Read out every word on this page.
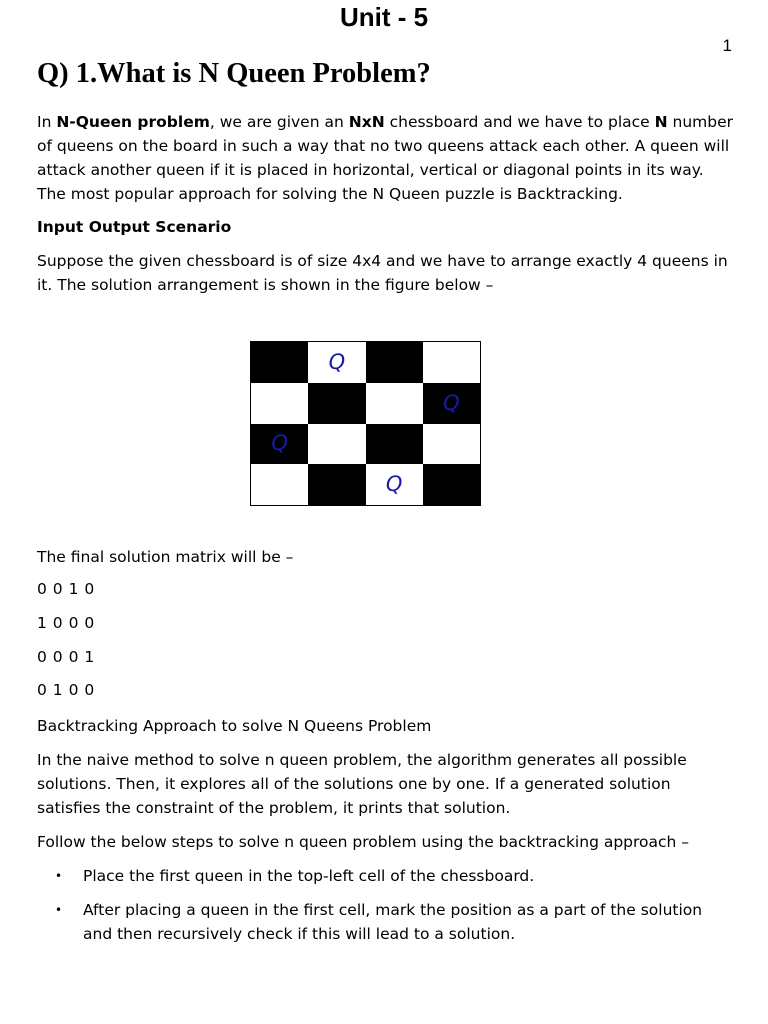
Unit - 5
1
Q) 1.What is N Queen Problem?

In N-Queen problem, we are given an NxN chessboard and we have to place N number of queens on the board in such a way that no two queens attack each other. A queen will attack another queen if it is placed in horizontal, vertical or diagonal points in its way. The most popular approach for solving the N Queen puzzle is Backtracking.

Input Output Scenario

Suppose the given chessboard is of size 4x4 and we have to arrange exactly 4 queens in it. The solution arrangement is shown in the figure below –

Q
Q
Q
Q

The final solution matrix will be –

0 0 1 0

1 0 0 0

0 0 0 1

0 1 0 0

Backtracking Approach to solve N Queens Problem

In the naive method to solve n queen problem, the algorithm generates all possible solutions. Then, it explores all of the solutions one by one. If a generated solution satisfies the constraint of the problem, it prints that solution.

Follow the below steps to solve n queen problem using the backtracking approach –

• Place the first queen in the top-left cell of the chessboard.
• After placing a queen in the first cell, mark the position as a part of the solution and then recursively check if this will lead to a solution.
